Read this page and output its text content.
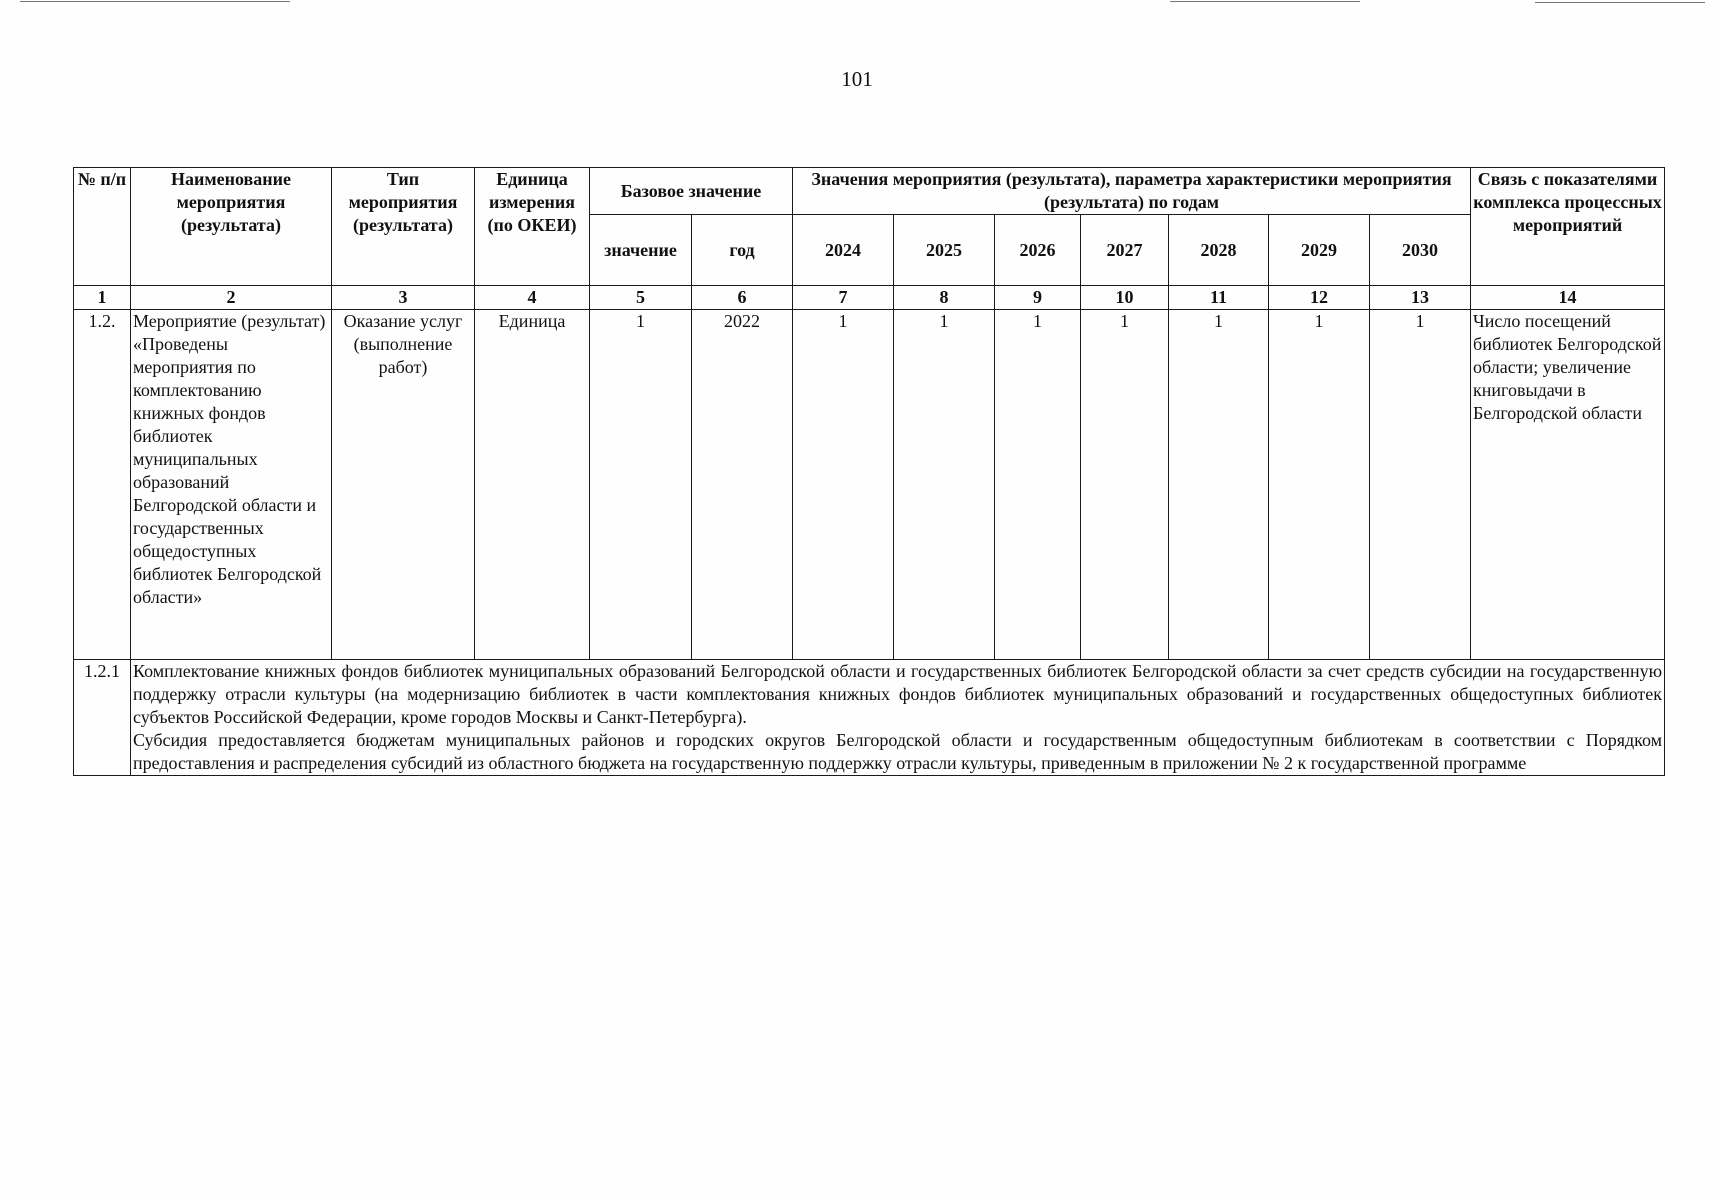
101
№ п/п	Наименование мероприятия (результата)	Тип мероприятия (результата)	Единица измерения (по ОКЕИ)	Базовое значение		Значения мероприятия (результата), параметра характеристики мероприятия (результата) по годам							Связь с показателями комплекса процессных мероприятий
				значение	год	2024	2025	2026	2027	2028	2029	2030	
1	2	3	4	5	6	7	8	9	10	11	12	13	14
1.2.	Мероприятие (результат) «Проведены мероприятия по комплектованию книжных фондов библиотек муниципальных образований Белгородской области и государственных общедоступных библиотек Белгородской области»	Оказание услуг (выполнение работ)	Единица	1	2022	1	1	1	1	1	1	1	Число посещений библиотек Белгородской области; увеличение книговыдачи в Белгородской области
1.2.1	Комплектование книжных фондов библиотек муниципальных образований Белгородской области и государственных библиотек Белгородской области за счет средств субсидии на государственную поддержку отрасли культуры (на модернизацию библиотек в части комплектования книжных фондов библиотек муниципальных образований и государственных общедоступных библиотек субъектов Российской Федерации, кроме городов Москвы и Санкт-Петербурга).
Субсидия предоставляется бюджетам муниципальных районов и городских округов Белгородской области и государственным общедоступным библиотекам в соответствии с Порядком предоставления и распределения субсидий из областного бюджета на государственную поддержку отрасли культуры, приведенным в приложении № 2 к государственной программе												
